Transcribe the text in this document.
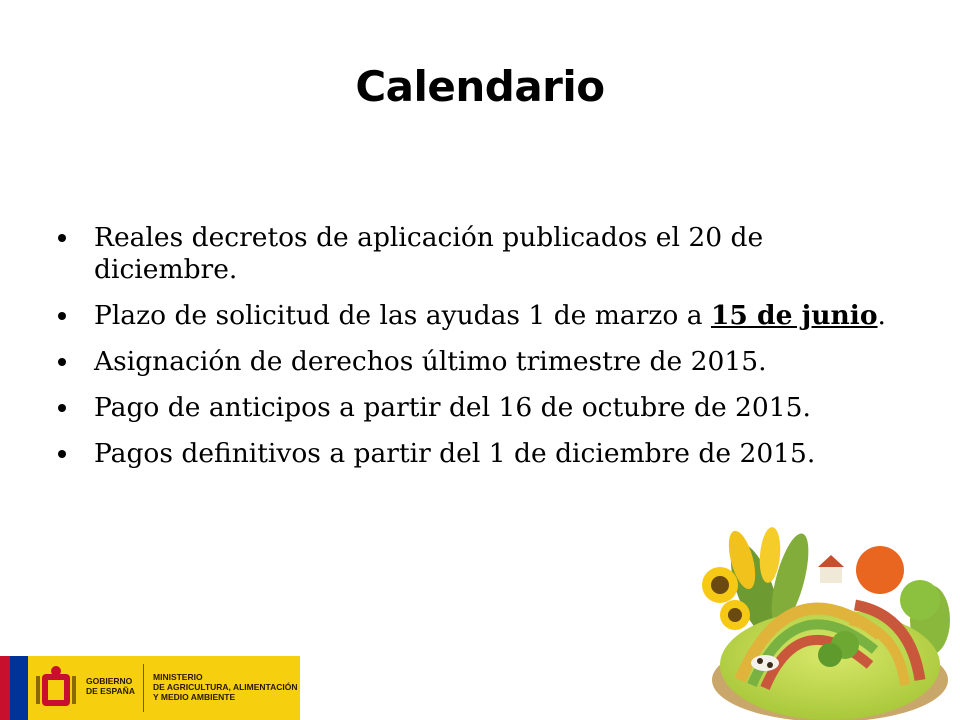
Calendario
Reales decretos de aplicación publicados el 20 de diciembre.
Plazo de solicitud de las ayudas 1 de marzo a 15 de junio.
Asignación de derechos último trimestre de 2015.
Pago de anticipos a partir del 16 de octubre de 2015.
Pagos definitivos a partir del 1 de diciembre de 2015.
GOBIERNO
DE ESPAÑA
MINISTERIO
DE AGRICULTURA, ALIMENTACIÓN
Y MEDIO AMBIENTE
